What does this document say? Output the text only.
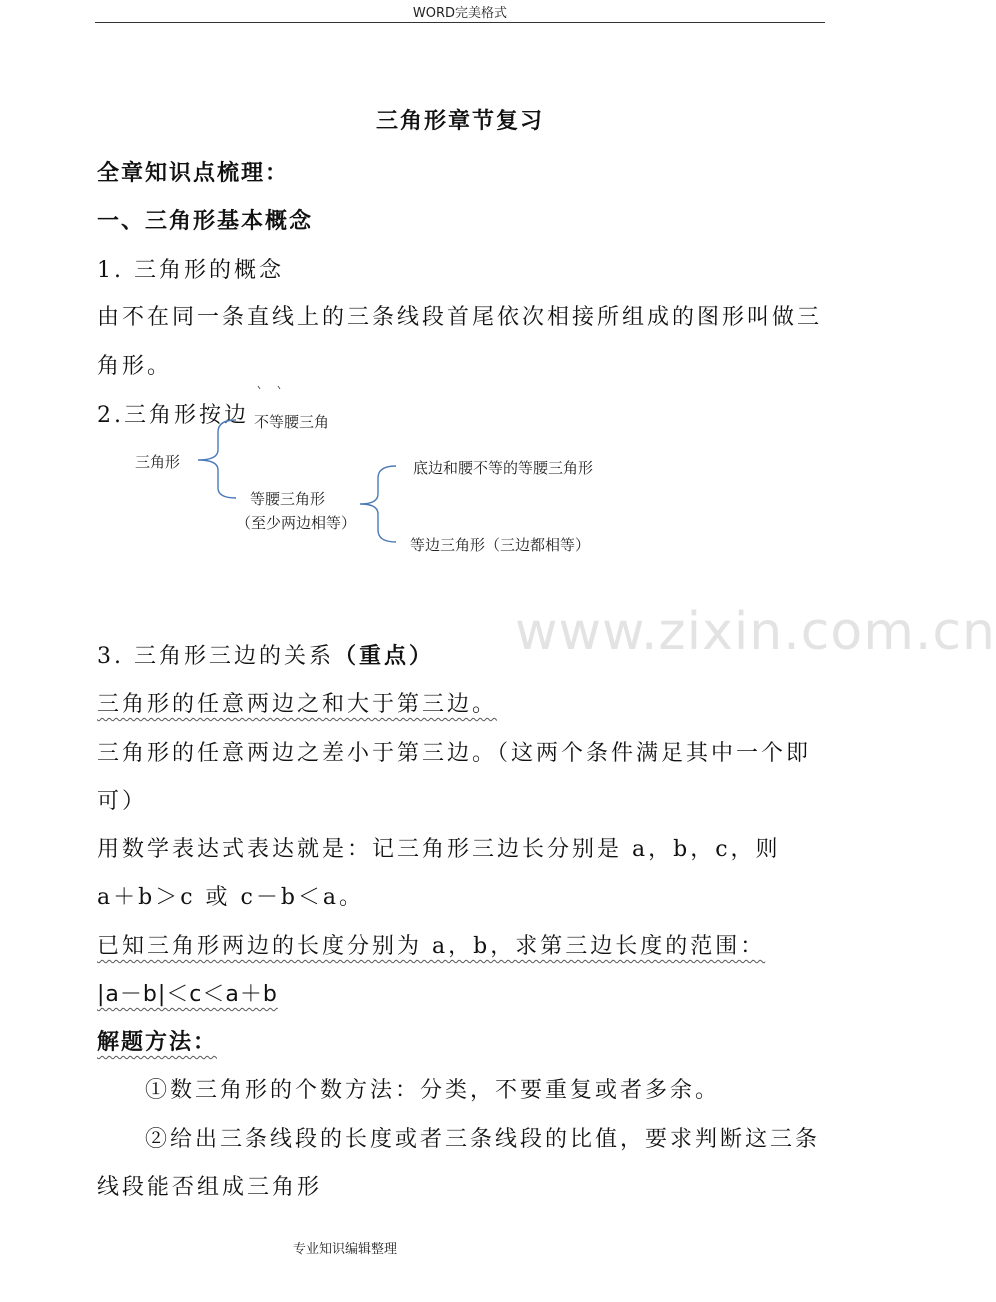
WORD完美格式
三角形章节复习
全章知识点梳理：
一、三角形基本概念
1. 三角形的概念
由不在同一条直线上的三条线段首尾依次相接所组成的图形叫做三
角形。
2.三角形按边
三角形
不等腰三角
等腰三角形
（至少两边相等）
底边和腰不等的等腰三角形
等边三角形（三边都相等）
www.zixin.com.cn
3. 三角形三边的关系（重点）
三角形的任意两边之和大于第三边。
三角形的任意两边之差小于第三边。（这两个条件满足其中一个即
可）
用数学表达式表达就是：记三角形三边长分别是 a，b，c，则
a＋b＞c 或 c－b＜a。
已知三角形两边的长度分别为 a，b，求第三边长度的范围：
|a－b|＜c＜a＋b
解题方法：
①数三角形的个数方法：分类，不要重复或者多余。
②给出三条线段的长度或者三条线段的比值，要求判断这三条
线段能否组成三角形
专业知识编辑整理
